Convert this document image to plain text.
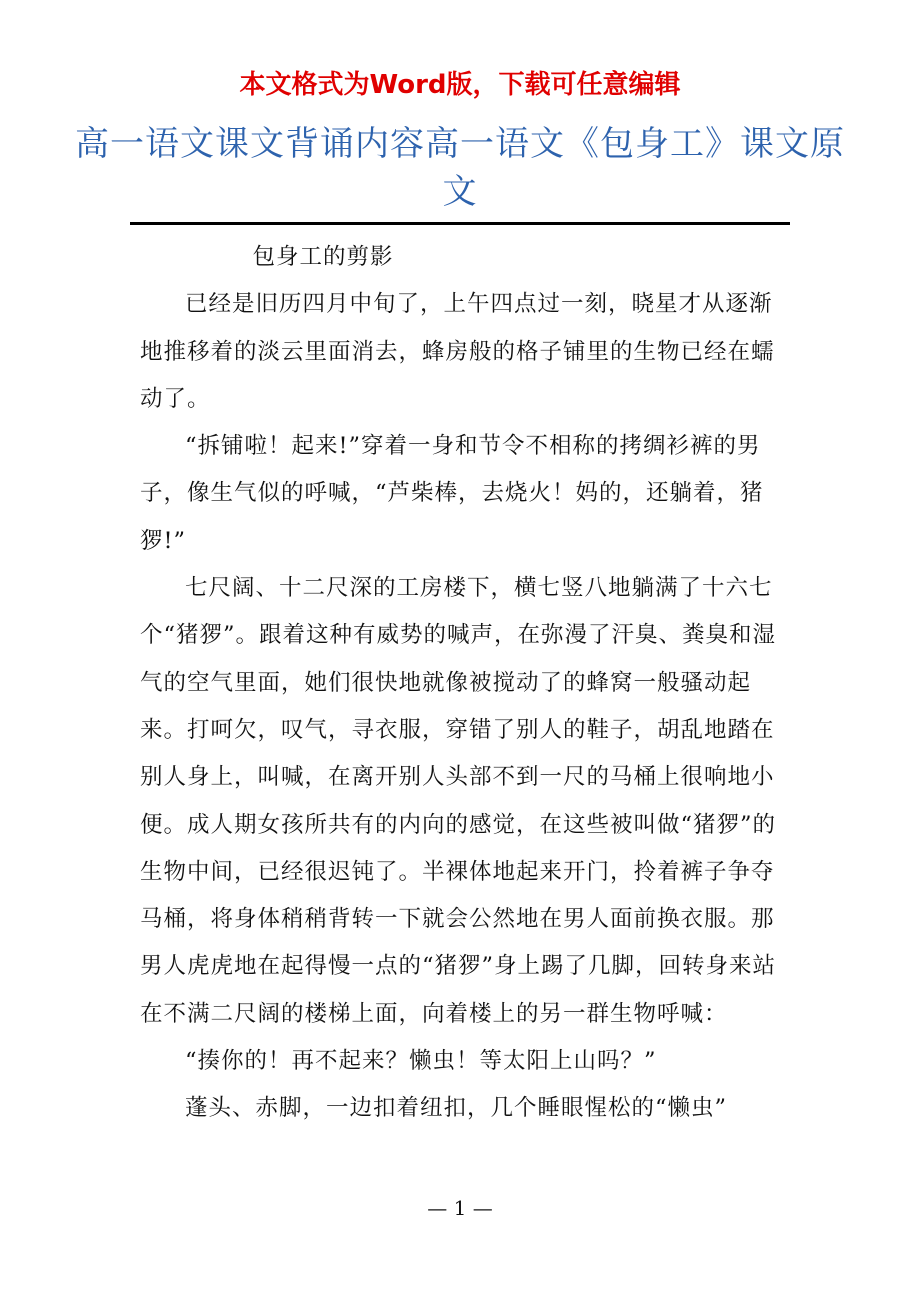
本文格式为Word版，下载可任意编辑
高一语文课文背诵内容高一语文《包身工》课文原文

包身工的剪影

已经是旧历四月中旬了，上午四点过一刻，晓星才从逐渐地推移着的淡云里面消去，蜂房般的格子铺里的生物已经在蠕动了。

“拆铺啦！起来!”穿着一身和节令不相称的拷绸衫裤的男子，像生气似的呼喊，“芦柴棒，去烧火！妈的，还躺着，猪猡!”

七尺阔、十二尺深的工房楼下，横七竖八地躺满了十六七个“猪猡”。跟着这种有威势的喊声，在弥漫了汗臭、粪臭和湿气的空气里面，她们很快地就像被搅动了的蜂窝一般骚动起来。打呵欠，叹气，寻衣服，穿错了别人的鞋子，胡乱地踏在别人身上，叫喊，在离开别人头部不到一尺的马桶上很响地小便。成人期女孩所共有的内向的感觉，在这些被叫做“猪猡”的生物中间，已经很迟钝了。半裸体地起来开门，拎着裤子争夺马桶，将身体稍稍背转一下就会公然地在男人面前换衣服。那男人虎虎地在起得慢一点的“猪猡”身上踢了几脚，回转身来站在不满二尺阔的楼梯上面，向着楼上的另一群生物呼喊：

“揍你的！再不起来？懒虫！等太阳上山吗？”

蓬头、赤脚，一边扣着纽扣，几个睡眼惺松的“懒虫”

— 1 —
